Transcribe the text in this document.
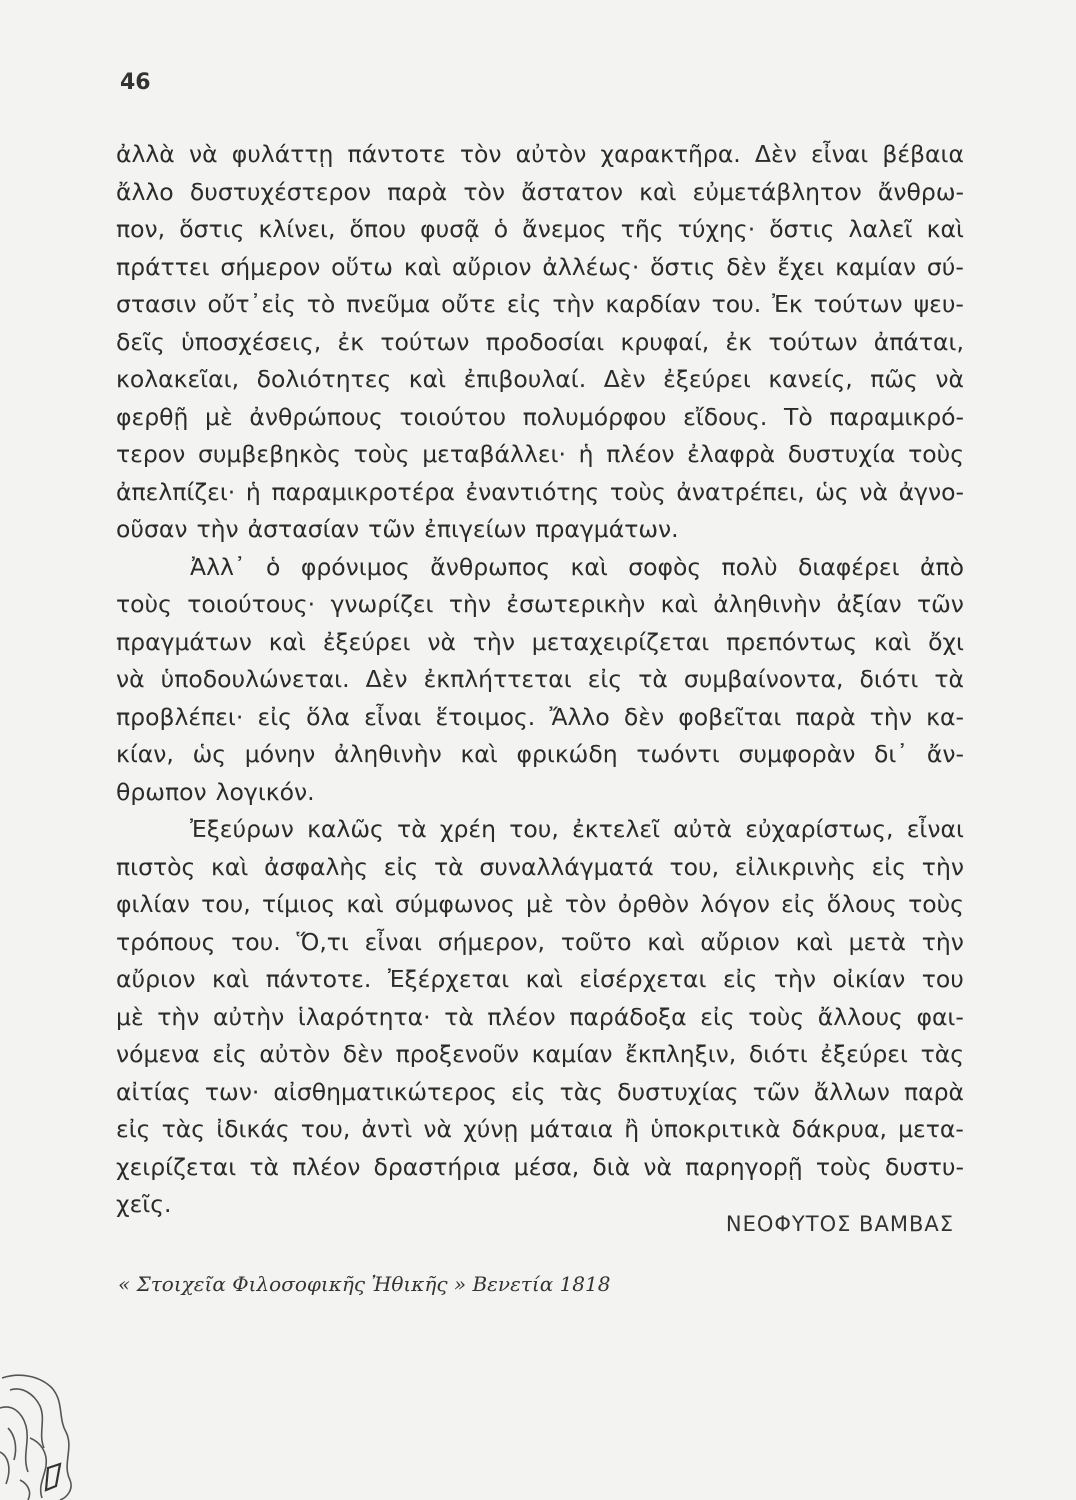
46
ἀλλὰ νὰ φυλάττῃ πάντοτε τὸν αὐτὸν χαρακτῆρα. Δὲν εἶναι βέβαια
ἄλλο δυστυχέστερον παρὰ τὸν ἄστατον καὶ εὐμετάβλητον ἄνθρω-
πον, ὅστις κλίνει, ὅπου φυσᾷ ὁ ἄνεμος τῆς τύχης· ὅστις λαλεῖ καὶ
πράττει σήμερον οὕτω καὶ αὔριον ἀλλέως· ὅστις δὲν ἔχει καμίαν σύ-
στασιν οὔτ᾽εἰς τὸ πνεῦμα οὔτε εἰς τὴν καρδίαν του. Ἐκ τούτων ψευ-
δεῖς ὑποσχέσεις, ἐκ τούτων προδοσίαι κρυφαί, ἐκ τούτων ἀπάται,
κολακεῖαι, δολιότητες καὶ ἐπιβουλαί. Δὲν ἐξεύρει κανείς, πῶς νὰ
φερθῇ μὲ ἀνθρώπους τοιούτου πολυμόρφου εἴδους. Τὸ παραμικρό-
τερον συμβεβηκὸς τοὺς μεταβάλλει· ἡ πλέον ἐλαφρὰ δυστυχία τοὺς
ἀπελπίζει· ἡ παραμικροτέρα ἐναντιότης τοὺς ἀνατρέπει, ὡς νὰ ἀγνο-
οῦσαν τὴν ἀστασίαν τῶν ἐπιγείων πραγμάτων.
Ἀλλ᾽ ὁ φρόνιμος ἄνθρωπος καὶ σοφὸς πολὺ διαφέρει ἀπὸ
τοὺς τοιούτους· γνωρίζει τὴν ἐσωτερικὴν καὶ ἀληθινὴν ἀξίαν τῶν
πραγμάτων καὶ ἐξεύρει νὰ τὴν μεταχειρίζεται πρεπόντως καὶ ὄχι
νὰ ὑποδουλώνεται. Δὲν ἐκπλήττεται εἰς τὰ συμβαίνοντα, διότι τὰ
προβλέπει· εἰς ὅλα εἶναι ἕτοιμος. Ἄλλο δὲν φοβεῖται παρὰ τὴν κα-
κίαν, ὡς μόνην ἀληθινὴν καὶ φρικώδη τωόντι συμφορὰν δι᾽ ἄν-
θρωπον λογικόν.
Ἐξεύρων καλῶς τὰ χρέη του, ἐκτελεῖ αὐτὰ εὐχαρίστως, εἶναι
πιστὸς καὶ ἀσφαλὴς εἰς τὰ συναλλάγματά του, εἰλικρινὴς εἰς τὴν
φιλίαν του, τίμιος καὶ σύμφωνος μὲ τὸν ὀρθὸν λόγον εἰς ὅλους τοὺς
τρόπους του. Ὅ,τι εἶναι σήμερον, τοῦτο καὶ αὔριον καὶ μετὰ τὴν
αὔριον καὶ πάντοτε. Ἐξέρχεται καὶ εἰσέρχεται εἰς τὴν οἰκίαν του
μὲ τὴν αὐτὴν ἱλαρότητα· τὰ πλέον παράδοξα εἰς τοὺς ἄλλους φαι-
νόμενα εἰς αὐτὸν δὲν προξενοῦν καμίαν ἔκπληξιν, διότι ἐξεύρει τὰς
αἰτίας των· αἰσθηματικώτερος εἰς τὰς δυστυχίας τῶν ἄλλων παρὰ
εἰς τὰς ἰδικάς του, ἀντὶ νὰ χύνῃ μάταια ἢ ὑποκριτικὰ δάκρυα, μετα-
χειρίζεται τὰ πλέον δραστήρια μέσα, διὰ νὰ παρηγορῇ τοὺς δυστυ-
χεῖς.
ΝΕΟΦΥΤΟΣ ΒΑΜΒΑΣ
« Στοιχεῖα Φιλοσοφικῆς Ἠθικῆς » Βενετία 1818
